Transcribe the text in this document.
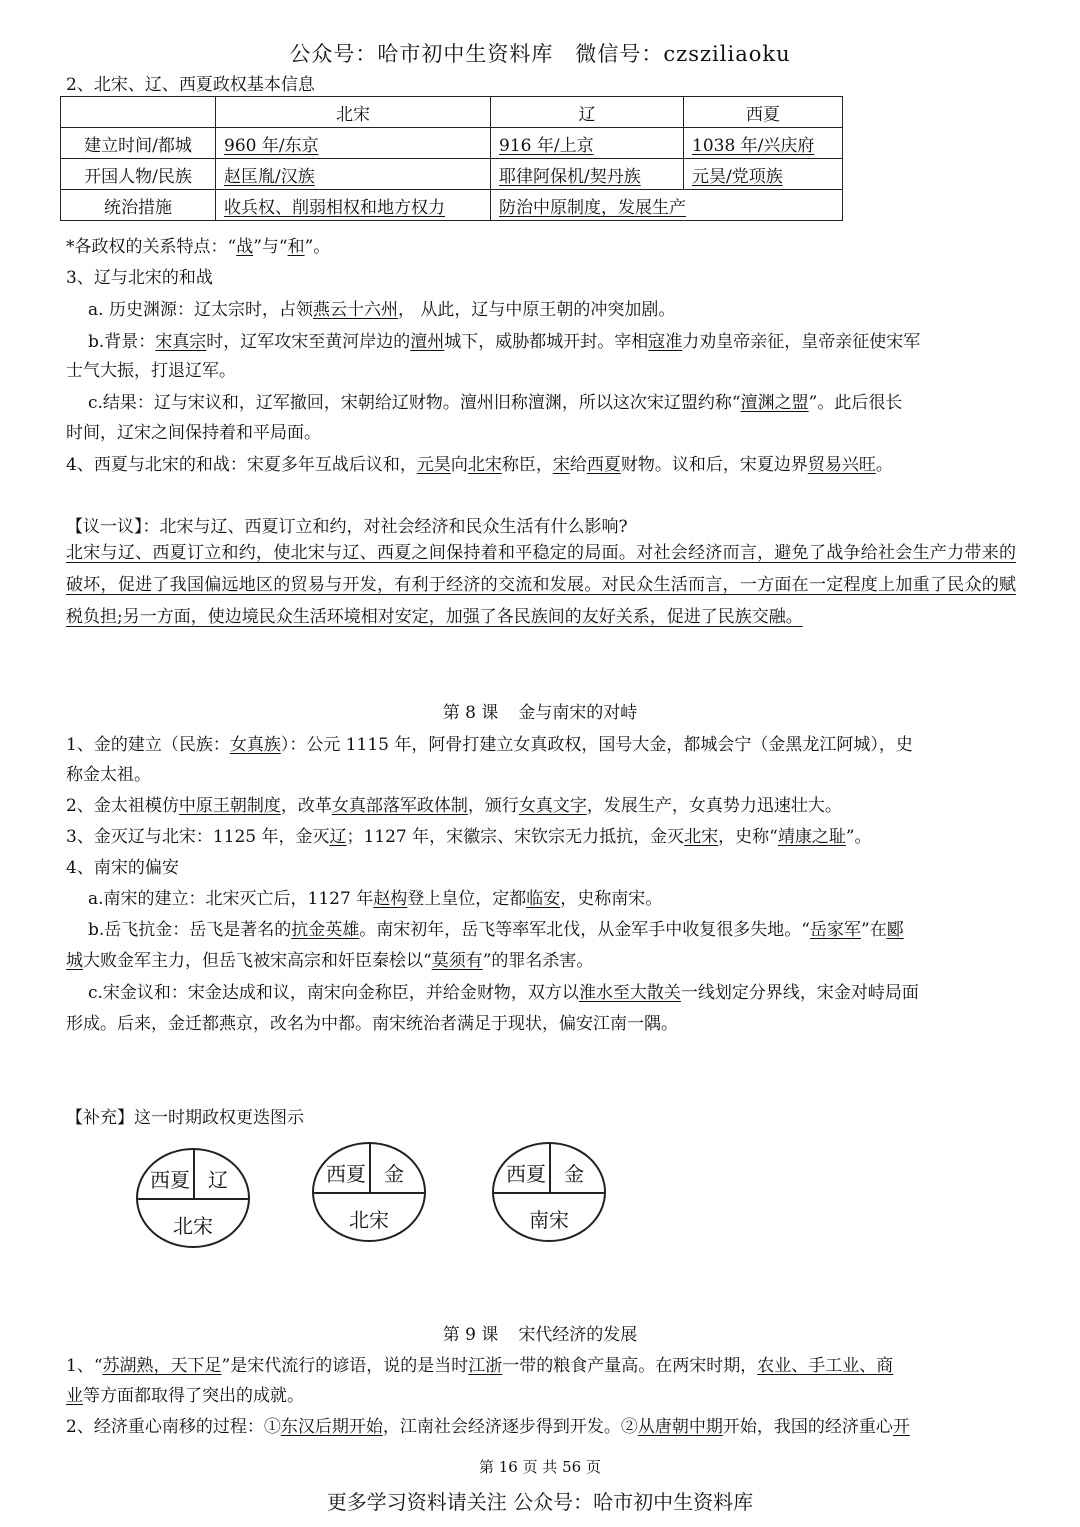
公众号：哈市初中生资料库　微信号：czsziliaoku
2、北宋、辽、西夏政权基本信息
	北宋	辽	西夏
建立时间/都城	960 年/东京	916 年/上京	1038 年/兴庆府
开国人物/民族	赵匡胤/汉族	耶律阿保机/契丹族	元昊/党项族
统治措施	收兵权、削弱相权和地方权力	防治中原制度，发展生产	
*各政权的关系特点：“战”与“和”。
3、辽与北宋的和战
a. 历史渊源：辽太宗时，占领燕云十六州， 从此，辽与中原王朝的冲突加剧。
b.背景：宋真宗时，辽军攻宋至黄河岸边的澶州城下，威胁都城开封。宰相寇准力劝皇帝亲征，皇帝亲征使宋军
士气大振，打退辽军。
c.结果：辽与宋议和，辽军撤回，宋朝给辽财物。澶州旧称澶渊，所以这次宋辽盟约称“澶渊之盟”。此后很长
时间，辽宋之间保持着和平局面。
4、西夏与北宋的和战：宋夏多年互战后议和，元昊向北宋称臣，宋给西夏财物。议和后，宋夏边界贸易兴旺。
【议一议】：北宋与辽、西夏订立和约，对社会经济和民众生活有什么影响?
北宋与辽、西夏订立和约，使北宋与辽、西夏之间保持着和平稳定的局面。对社会经济而言，避免了战争给社会生产力带来的破坏，促进了我国偏远地区的贸易与开发，有利于经济的交流和发展。对民众生活而言，一方面在一定程度上加重了民众的赋税负担;另一方面，使边境民众生活环境相对安定，加强了各民族间的友好关系，促进了民族交融。
第 8 课 金与南宋的对峙
1、金的建立（民族：女真族）：公元 1115 年，阿骨打建立女真政权，国号大金，都城会宁（金黑龙江阿城），史
称金太祖。
2、金太祖模仿中原王朝制度，改革女真部落军政体制，颁行女真文字，发展生产，女真势力迅速壮大。
3、金灭辽与北宋：1125 年，金灭辽；1127 年，宋徽宗、宋钦宗无力抵抗，金灭北宋，史称“靖康之耻”。
4、南宋的偏安
a.南宋的建立：北宋灭亡后，1127 年赵构登上皇位，定都临安，史称南宋。
b.岳飞抗金：岳飞是著名的抗金英雄。南宋初年，岳飞等率军北伐，从金军手中收复很多失地。“岳家军”在郾
城大败金军主力，但岳飞被宋高宗和奸臣秦桧以“莫须有”的罪名杀害。
c.宋金议和：宋金达成和议，南宋向金称臣，并给金财物，双方以淮水至大散关一线划定分界线，宋金对峙局面
形成。后来，金迁都燕京，改名为中都。南宋统治者满足于现状，偏安江南一隅。
【补充】这一时期政权更迭图示
西夏 辽
北宋
西夏 金
北宋
西夏 金
南宋
第 9 课 宋代经济的发展
1、“苏湖熟，天下足”是宋代流行的谚语，说的是当时江浙一带的粮食产量高。在两宋时期，农业、手工业、商
业等方面都取得了突出的成就。
2、经济重心南移的过程：①东汉后期开始，江南社会经济逐步得到开发。②从唐朝中期开始，我国的经济重心开
第 16 页 共 56 页
更多学习资料请关注 公众号：哈市初中生资料库
